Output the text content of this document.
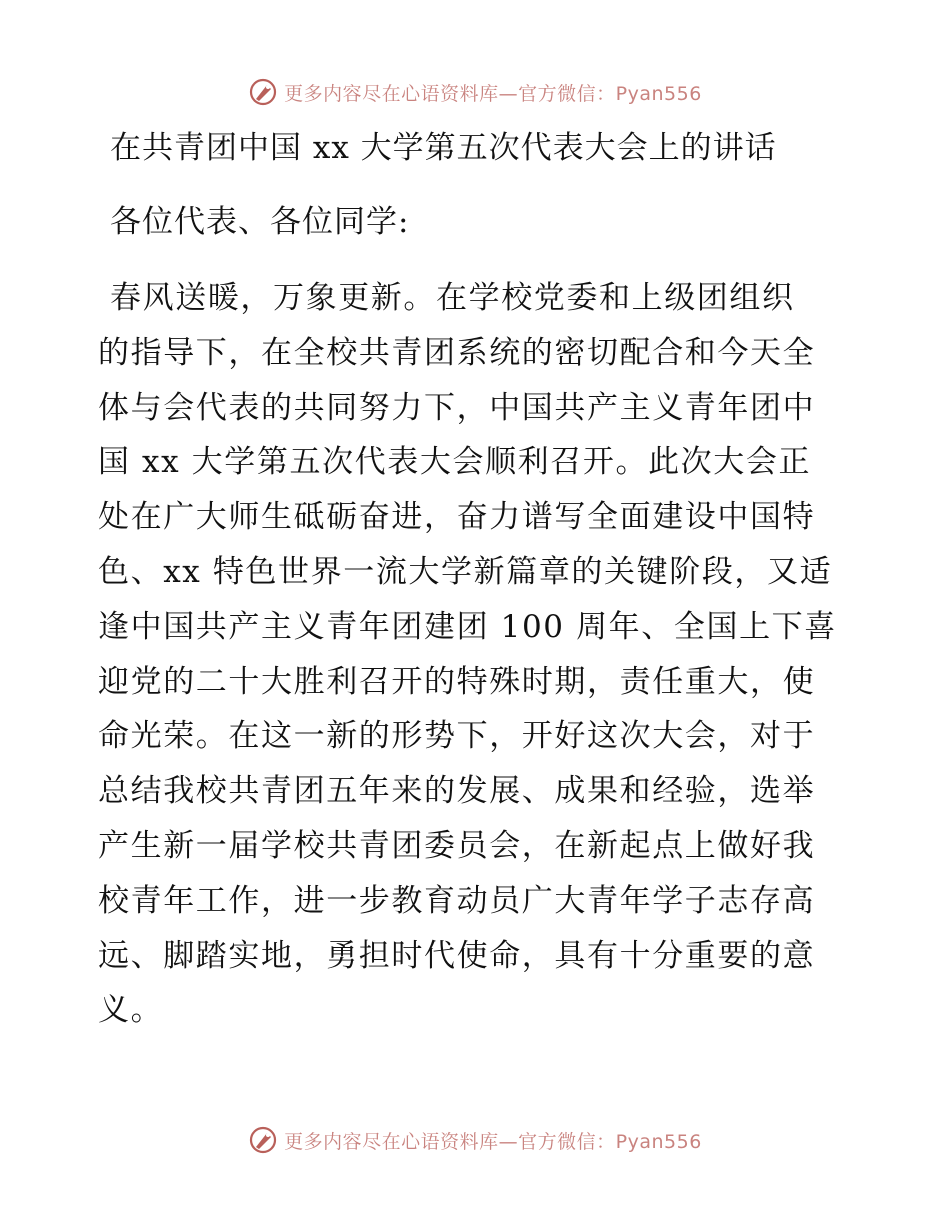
更多内容尽在心语资料库—官方微信：Pyan556
在共青团中国 xx 大学第五次代表大会上的讲话
各位代表、各位同学:
春风送暖，万象更新。在学校党委和上级团组织
的指导下，在全校共青团系统的密切配合和今天全
体与会代表的共同努力下，中国共产主义青年团中
国 xx 大学第五次代表大会顺利召开。此次大会正
处在广大师生砥砺奋进，奋力谱写全面建设中国特
色、xx 特色世界一流大学新篇章的关键阶段，又适
逢中国共产主义青年团建团 100 周年、全国上下喜
迎党的二十大胜利召开的特殊时期，责任重大，使
命光荣。在这一新的形势下，开好这次大会，对于
总结我校共青团五年来的发展、成果和经验，选举
产生新一届学校共青团委员会，在新起点上做好我
校青年工作，进一步教育动员广大青年学子志存高
远、脚踏实地，勇担时代使命，具有十分重要的意
义。
更多内容尽在心语资料库—官方微信：Pyan556
